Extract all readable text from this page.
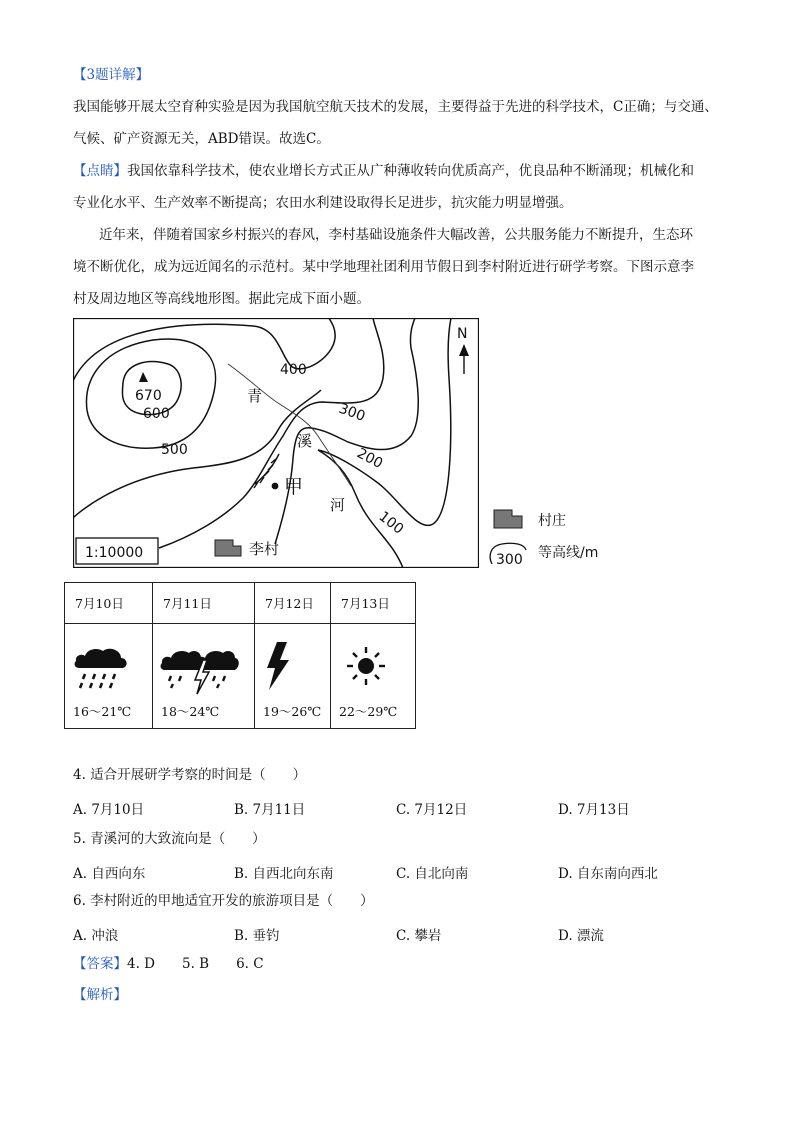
【3题详解】
我国能够开展太空育种实验是因为我国航空航天技术的发展，主要得益于先进的科学技术，C正确；与交通、
气候、矿产资源无关，ABD错误。故选C。
【点睛】我国依靠科学技术，使农业增长方式正从广种薄收转向优质高产，优良品种不断涌现；机械化和
专业化水平、生产效率不断提高；农田水利建设取得长足进步，抗灾能力明显增强。
近年来，伴随着国家乡村振兴的春风，李村基础设施条件大幅改善，公共服务能力不断提升，生态环
境不断优化，成为远近闻名的示范村。某中学地理社团利用节假日到李村附近进行研学考察。下图示意李
村及周边地区等高线地形图。据此完成下面小题。
670
600
500
400
300
200
100
青
溪
河
甲
N
李村
1:10000
村庄
300 等高线/m
7月10日	7月11日	7月12日	7月13日

16～21℃	18～24℃	19～26℃	22～29℃
4. 适合开展研学考察的时间是（　　）
A. 7月10日	B. 7月11日	C. 7月12日	D. 7月13日
5. 青溪河的大致流向是（　　）
A. 自西向东	B. 自西北向东南	C. 自北向南	D. 自东南向西北
6. 李村附近的甲地适宜开发的旅游项目是（　　）
A. 冲浪	B. 垂钓	C. 攀岩	D. 漂流
【答案】4. D　　5. B　　6. C
【解析】
